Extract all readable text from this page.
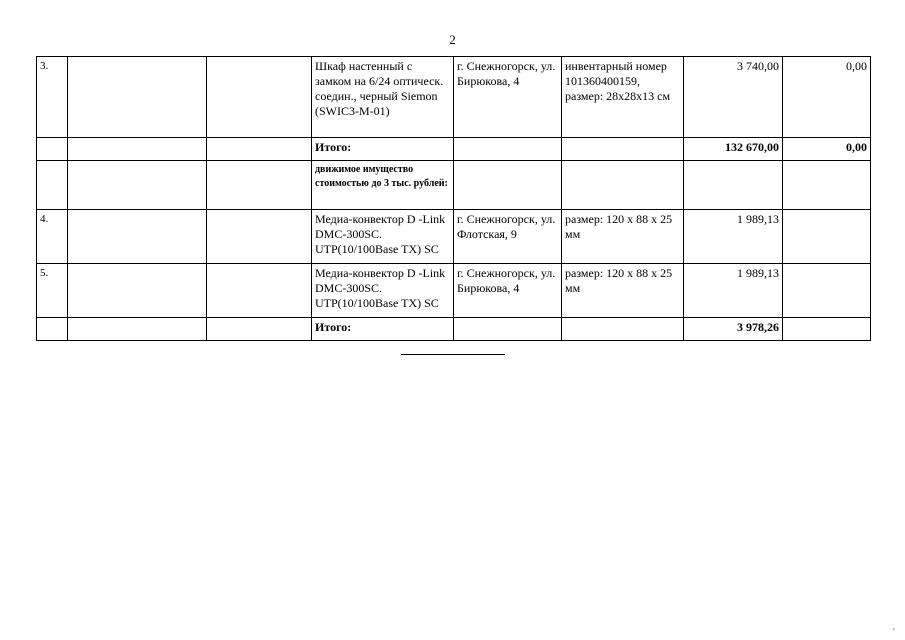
2
3.			Шкаф настенный с замком на 6/24 оптическ. соедин., черный Siemon (SWIC3-M-01)	г. Снежногорск, ул. Бирюкова, 4	инвентарный номер 101360400159, размер: 28х28х13 см	3 740,00	0,00
			Итого:			132 670,00	0,00
			движимое имущество стоимостью до 3 тыс. рублей:				
4.			Медиа-конвектор D -Link DMC-300SC. UTP(10/100Base TX) SC	г. Снежногорск, ул. Флотская, 9	размер: 120 х 88 х 25 мм	1 989,13	
5.			Медиа-конвектор D -Link DMC-300SC. UTP(10/100Base TX) SC	г. Снежногорск, ул. Бирюкова, 4	размер: 120 х 88 х 25 мм	1 989,13	
			Итого:			3 978,26	
'
